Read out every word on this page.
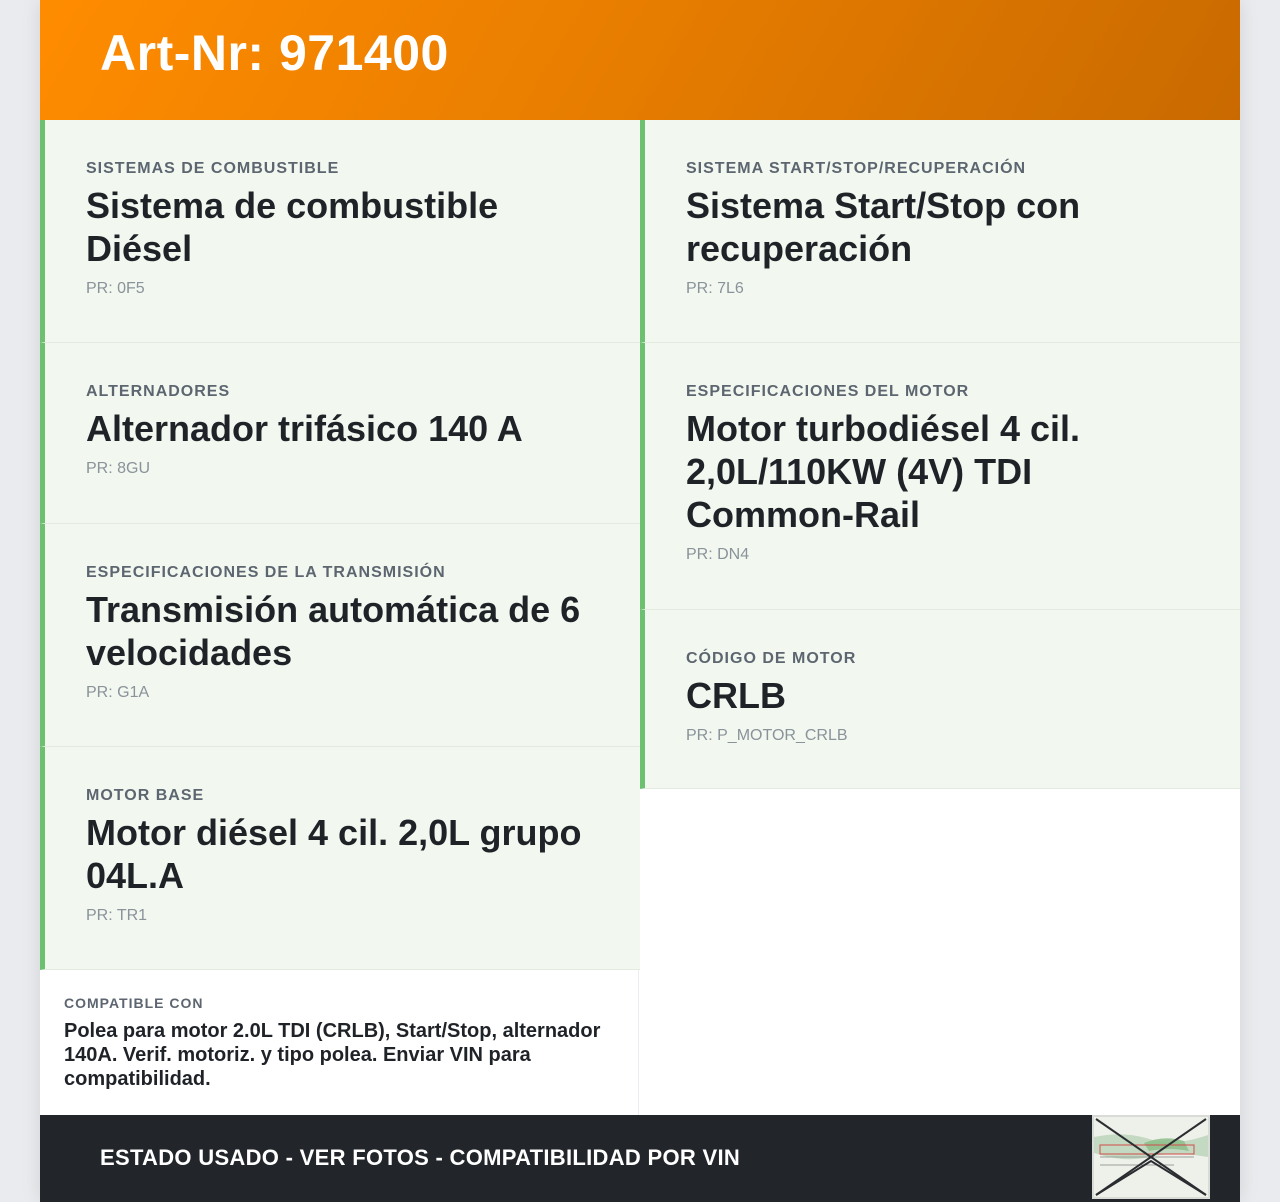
Art-Nr: 971400
SISTEMAS DE COMBUSTIBLE
Sistema de combustible Diésel
PR: 0F5
ALTERNADORES
Alternador trifásico 140 A
PR: 8GU
ESPECIFICACIONES DE LA TRANSMISIÓN
Transmisión automática de 6 velocidades
PR: G1A
MOTOR BASE
Motor diésel 4 cil. 2,0L grupo 04L.A
PR: TR1
SISTEMA START/STOP/RECUPERACIÓN
Sistema Start/Stop con recuperación
PR: 7L6
ESPECIFICACIONES DEL MOTOR
Motor turbodiésel 4 cil. 2,0L/110KW (4V) TDI Common-Rail
PR: DN4
CÓDIGO DE MOTOR
CRLB
PR: P_MOTOR_CRLB
COMPATIBLE CON
Polea para motor 2.0L TDI (CRLB), Start/Stop, alternador 140A. Verif. motoriz. y tipo polea. Enviar VIN para compatibilidad.
ESTADO USADO - VER FOTOS - COMPATIBILIDAD POR VIN
